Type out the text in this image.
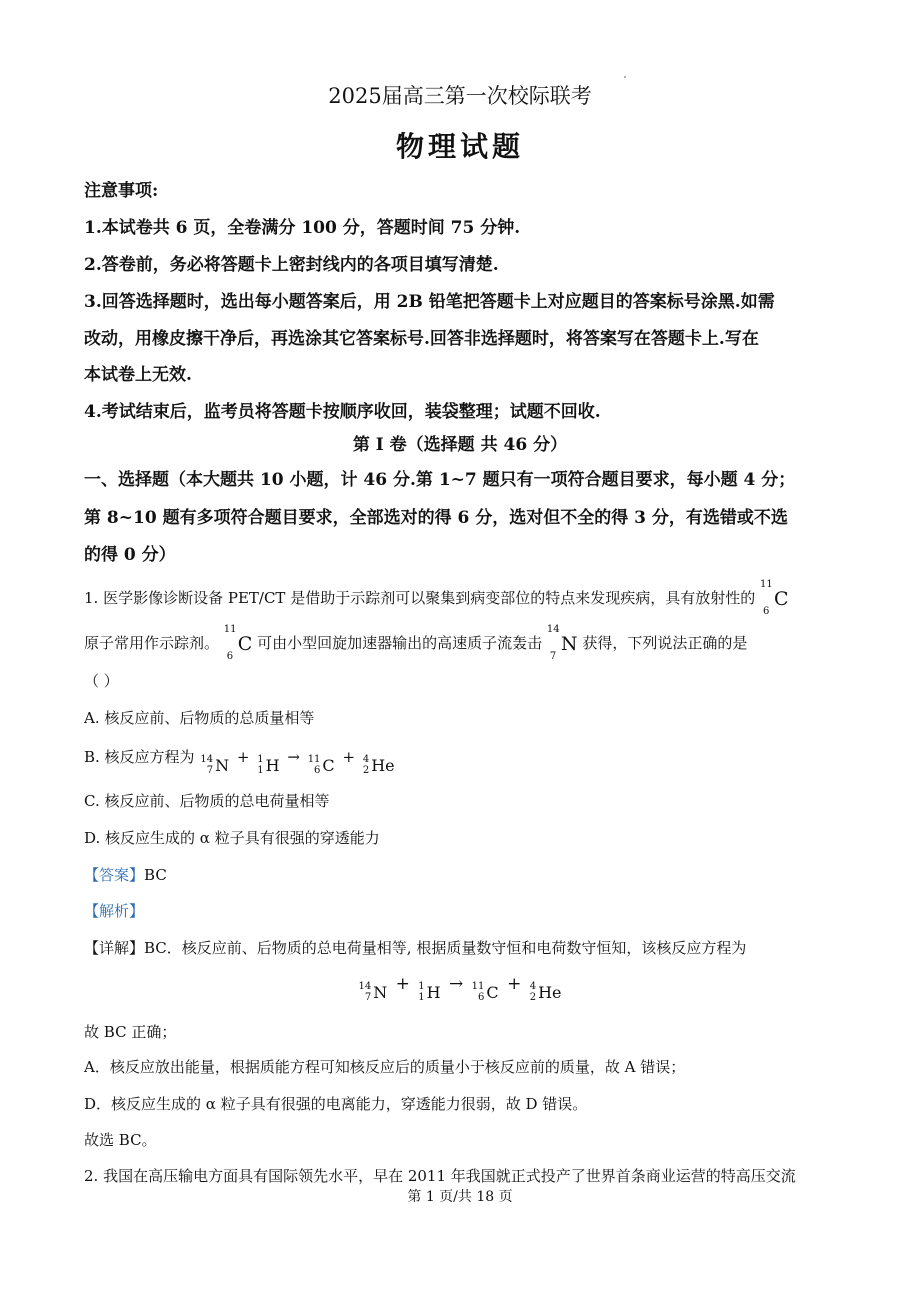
2025届高三第一次校际联考
物理试题
注意事项:
1.本试卷共 6 页，全卷满分 100 分，答题时间 75 分钟.
2.答卷前，务必将答题卡上密封线内的各项目填写清楚.
3.回答选择题时，选出每小题答案后，用 2B 铅笔把答题卡上对应题目的答案标号涂黑.如需
改动，用橡皮擦干净后，再选涂其它答案标号.回答非选择题时，将答案写在答题卡上.写在
本试卷上无效.
4.考试结束后，监考员将答题卡按顺序收回，装袋整理；试题不回收.
第 I 卷（选择题 共 46 分）
一、选择题（本大题共 10 小题，计 46 分.第 1~7 题只有一项符合题目要求，每小题 4 分；
第 8~10 题有多项符合题目要求，全部选对的得 6 分，选对但不全的得 3 分，有选错或不选
的得 0 分）
1. 医学影像诊断设备 PET/CT 是借助于示踪剂可以聚集到病变部位的特点来发现疾病，具有放射性的
11
6
C
原子常用作示踪剂。
11
6
C 可由小型回旋加速器输出的高速质子流轰击
14
7
N 获得，下列说法正确的是
（ ）
A. 核反应前、后物质的总质量相等
B. 核反应方程为 14
7 N + 1
1 H → 11
6 C + 4
2 He
C. 核反应前、后物质的总电荷量相等
D. 核反应生成的 α 粒子具有很强的穿透能力
【答案】BC
【解析】
【详解】BC．核反应前、后物质的总电荷量相等, 根据质量数守恒和电荷数守恒知，该核反应方程为
14
7 N + 1
1 H → 11
6 C + 4
2 He
故 BC 正确；
A．核反应放出能量，根据质能方程可知核反应后的质量小于核反应前的质量，故 A 错误；
D．核反应生成的 α 粒子具有很强的电离能力，穿透能力很弱，故 D 错误。
故选 BC。
2. 我国在高压输电方面具有国际领先水平，早在 2011 年我国就正式投产了世界首条商业运营的特高压交流
第 1 页/共 18 页
